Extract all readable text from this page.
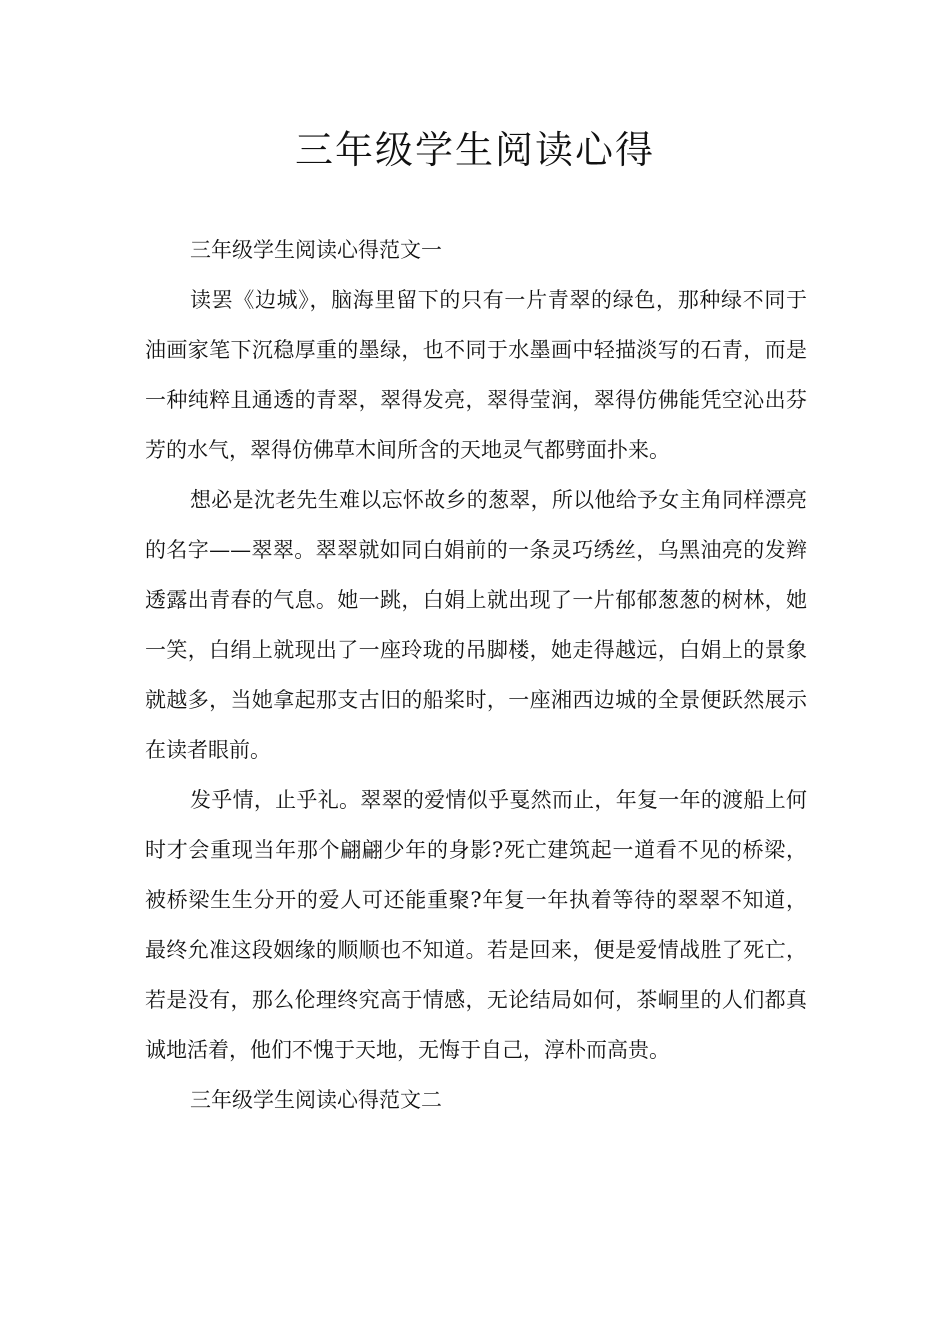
三年级学生阅读心得

三年级学生阅读心得范文一

读罢《边城》，脑海里留下的只有一片青翠的绿色，那种绿不同于油画家笔下沉稳厚重的墨绿，也不同于水墨画中轻描淡写的石青，而是一种纯粹且通透的青翠，翠得发亮，翠得莹润，翠得仿佛能凭空沁出芬芳的水气，翠得仿佛草木间所含的天地灵气都劈面扑来。

想必是沈老先生难以忘怀故乡的葱翠，所以他给予女主角同样漂亮的名字——翠翠。翠翠就如同白娟前的一条灵巧绣丝，乌黑油亮的发辫透露出青春的气息。她一跳，白娟上就出现了一片郁郁葱葱的树林，她一笑，白绢上就现出了一座玲珑的吊脚楼，她走得越远，白娟上的景象就越多，当她拿起那支古旧的船桨时，一座湘西边城的全景便跃然展示在读者眼前。

发乎情，止乎礼。翠翠的爱情似乎戛然而止，年复一年的渡船上何时才会重现当年那个翩翩少年的身影?死亡建筑起一道看不见的桥梁，被桥梁生生分开的爱人可还能重聚?年复一年执着等待的翠翠不知道，最终允准这段姻缘的顺顺也不知道。若是回来，便是爱情战胜了死亡，若是没有，那么伦理终究高于情感，无论结局如何，茶峒里的人们都真诚地活着，他们不愧于天地，无悔于自己，淳朴而高贵。

三年级学生阅读心得范文二
